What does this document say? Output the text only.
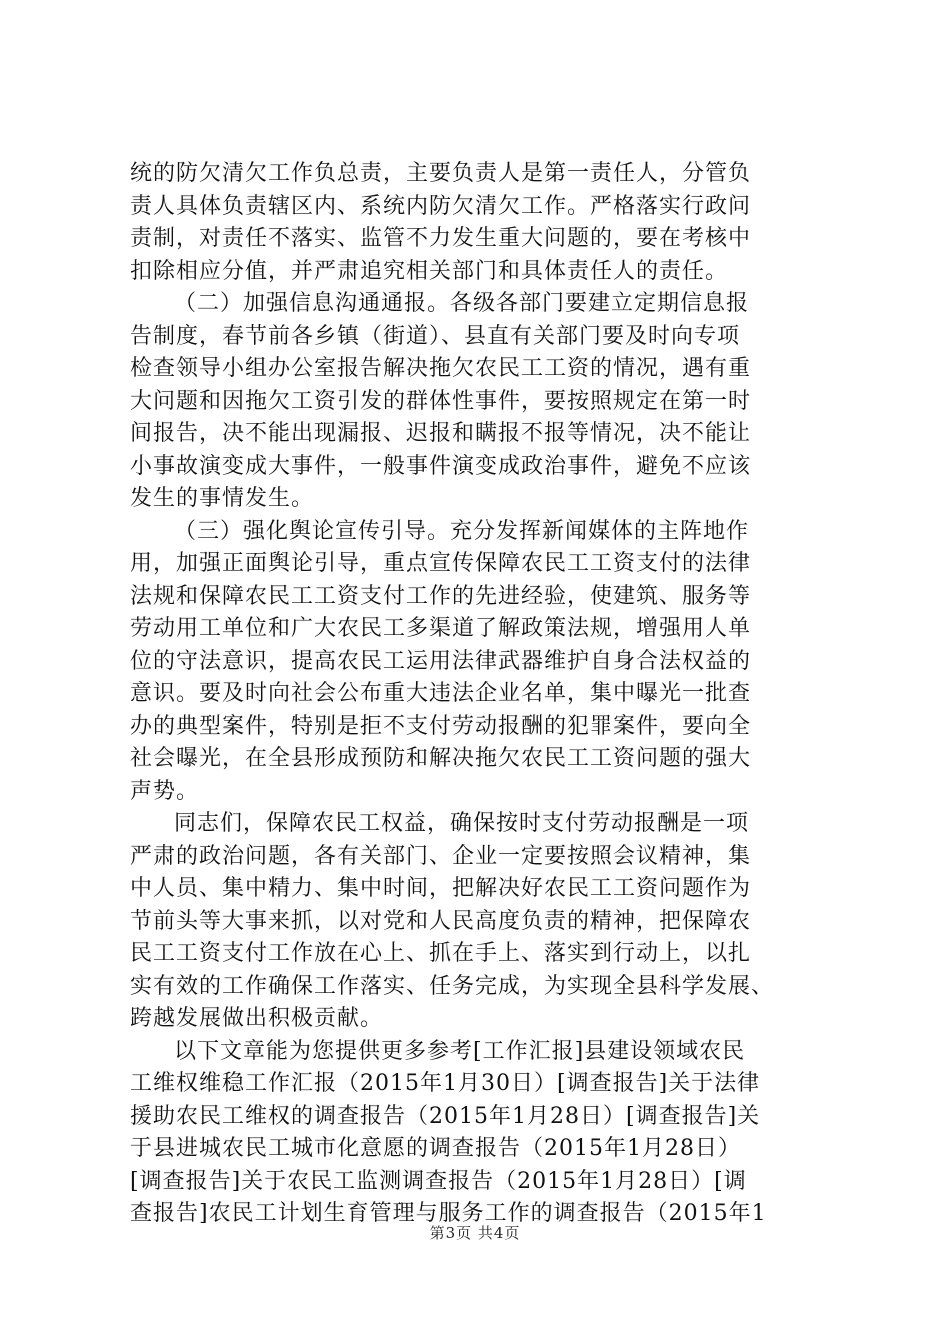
统的防欠清欠工作负总责，主要负责人是第一责任人，分管负
责人具体负责辖区内、系统内防欠清欠工作。严格落实行政问
责制，对责任不落实、监管不力发生重大问题的，要在考核中
扣除相应分值，并严肃追究相关部门和具体责任人的责任。
（二）加强信息沟通通报。各级各部门要建立定期信息报
告制度，春节前各乡镇（街道）、县直有关部门要及时向专项
检查领导小组办公室报告解决拖欠农民工工资的情况，遇有重
大问题和因拖欠工资引发的群体性事件，要按照规定在第一时
间报告，决不能出现漏报、迟报和瞒报不报等情况，决不能让
小事故演变成大事件，一般事件演变成政治事件，避免不应该
发生的事情发生。
（三）强化舆论宣传引导。充分发挥新闻媒体的主阵地作
用，加强正面舆论引导，重点宣传保障农民工工资支付的法律
法规和保障农民工工资支付工作的先进经验，使建筑、服务等
劳动用工单位和广大农民工多渠道了解政策法规，增强用人单
位的守法意识，提高农民工运用法律武器维护自身合法权益的
意识。要及时向社会公布重大违法企业名单，集中曝光一批查
办的典型案件，特别是拒不支付劳动报酬的犯罪案件，要向全
社会曝光，在全县形成预防和解决拖欠农民工工资问题的强大
声势。
同志们，保障农民工权益，确保按时支付劳动报酬是一项
严肃的政治问题，各有关部门、企业一定要按照会议精神，集
中人员、集中精力、集中时间，把解决好农民工工资问题作为
节前头等大事来抓，以对党和人民高度负责的精神，把保障农
民工工资支付工作放在心上、抓在手上、落实到行动上，以扎
实有效的工作确保工作落实、任务完成，为实现全县科学发展、
跨越发展做出积极贡献。
以下文章能为您提供更多参考[工作汇报]县建设领域农民
工维权维稳工作汇报（2015年1月30日）[调查报告]关于法律
援助农民工维权的调查报告（2015年1月28日）[调查报告]关
于县进城农民工城市化意愿的调查报告（2015年1月28日）
[调查报告]关于农民工监测调查报告（2015年1月28日）[调
查报告]农民工计划生育管理与服务工作的调查报告（2015年1
第3页 共4页
